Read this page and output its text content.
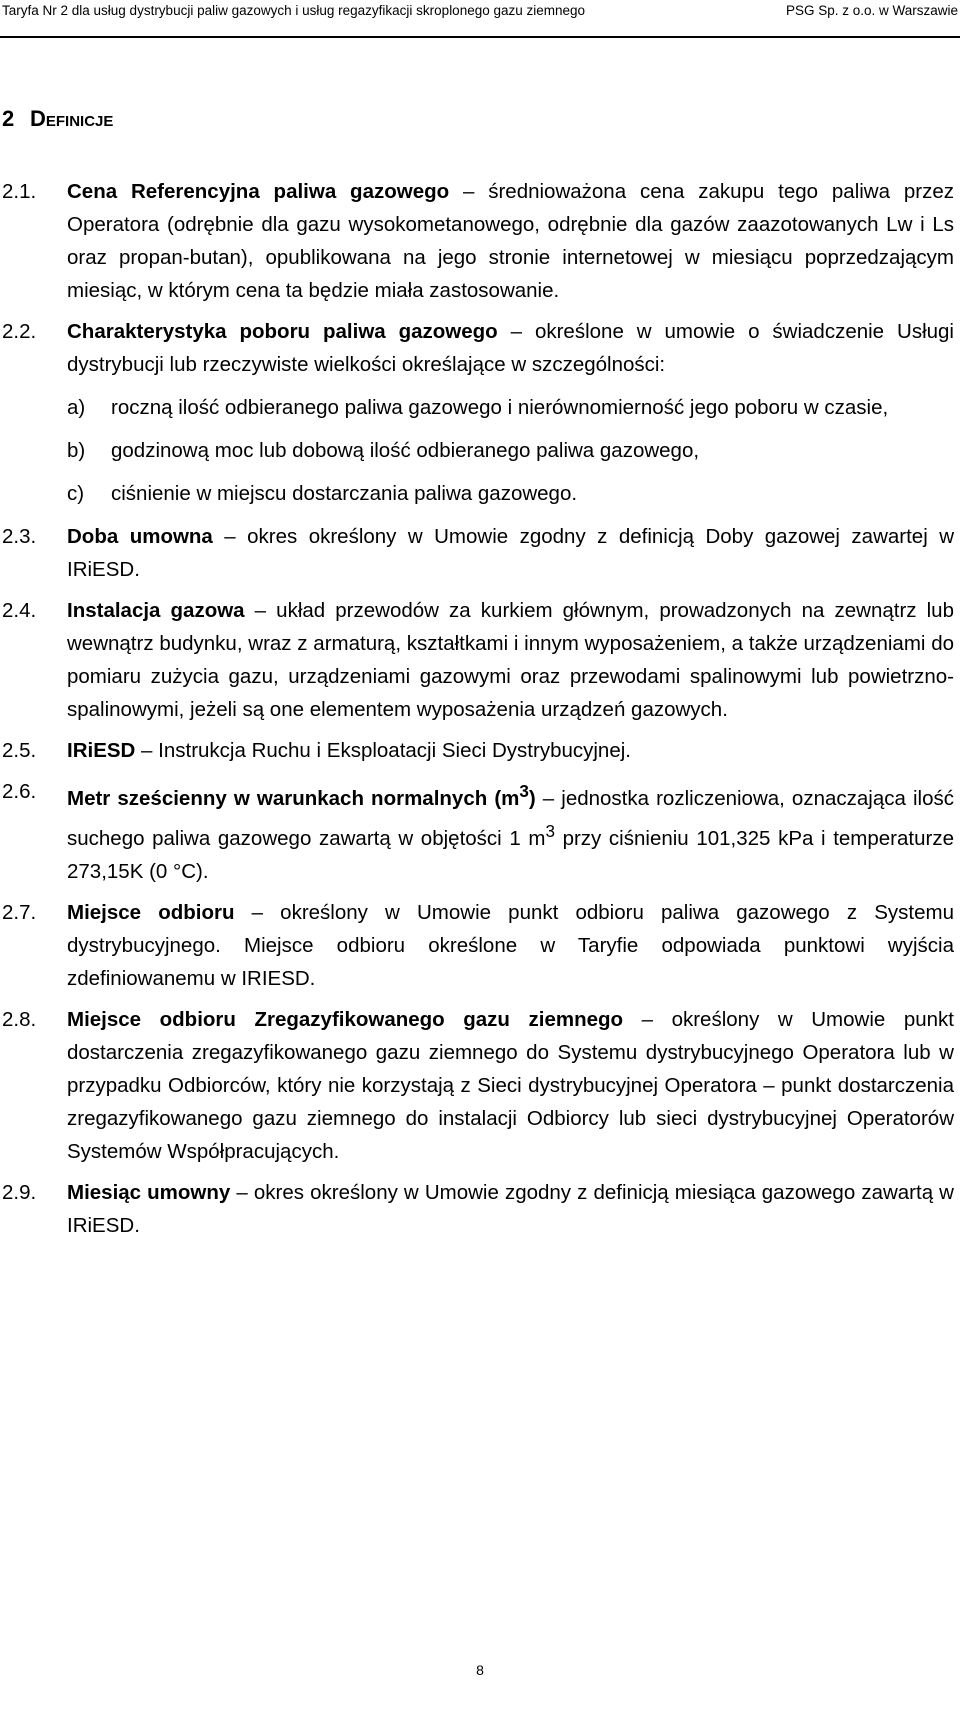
Taryfa Nr 2 dla usług dystrybucji paliw gazowych i usług regazyfikacji skroplonego gazu ziemnego	PSG Sp. z o.o. w Warszawie
2 Definicje
2.1. Cena Referencyjna paliwa gazowego – średnioważona cena zakupu tego paliwa przez Operatora (odrębnie dla gazu wysokometanowego, odrębnie dla gazów zaazotowanych Lw i Ls oraz propan-butan), opublikowana na jego stronie internetowej w miesiącu poprzedzającym miesiąc, w którym cena ta będzie miała zastosowanie.
2.2. Charakterystyka poboru paliwa gazowego – określone w umowie o świadczenie Usługi dystrybucji lub rzeczywiste wielkości określające w szczególności:
a) roczną ilość odbieranego paliwa gazowego i nierównomierność jego poboru w czasie,
b) godzinową moc lub dobową ilość odbieranego paliwa gazowego,
c) ciśnienie w miejscu dostarczania paliwa gazowego.
2.3. Doba umowna – okres określony w Umowie zgodny z definicją Doby gazowej zawartej w IRiESD.
2.4. Instalacja gazowa – układ przewodów za kurkiem głównym, prowadzonych na zewnątrz lub wewnątrz budynku, wraz z armaturą, kształtkami i innym wyposażeniem, a także urządzeniami do pomiaru zużycia gazu, urządzeniami gazowymi oraz przewodami spalinowymi lub powietrzno-spalinowymi, jeżeli są one elementem wyposażenia urządzeń gazowych.
2.5. IRiESD – Instrukcja Ruchu i Eksploatacji Sieci Dystrybucyjnej.
2.6. Metr sześcienny w warunkach normalnych $(m^3)$ – jednostka rozliczeniowa, oznaczająca ilość suchego paliwa gazowego zawartą w objętości 1 $m^3$ przy ciśnieniu 101,325 kPa i temperaturze 273,15K (0 °C).
2.7. Miejsce odbioru – określony w Umowie punkt odbioru paliwa gazowego z Systemu dystrybucyjnego. Miejsce odbioru określone w Taryfie odpowiada punktowi wyjścia zdefiniowanemu w IRIESD.
2.8. Miejsce odbioru Zregazyfikowanego gazu ziemnego – określony w Umowie punkt dostarczenia zregazyfikowanego gazu ziemnego do Systemu dystrybucyjnego Operatora lub w przypadku Odbiorców, który nie korzystają z Sieci dystrybucyjnej Operatora – punkt dostarczenia zregazyfikowanego gazu ziemnego do instalacji Odbiorcy lub sieci dystrybucyjnej Operatorów Systemów Współpracujących.
2.9. Miesiąc umowny – okres określony w Umowie zgodny z definicją miesiąca gazowego zawartą w IRiESD.
8
